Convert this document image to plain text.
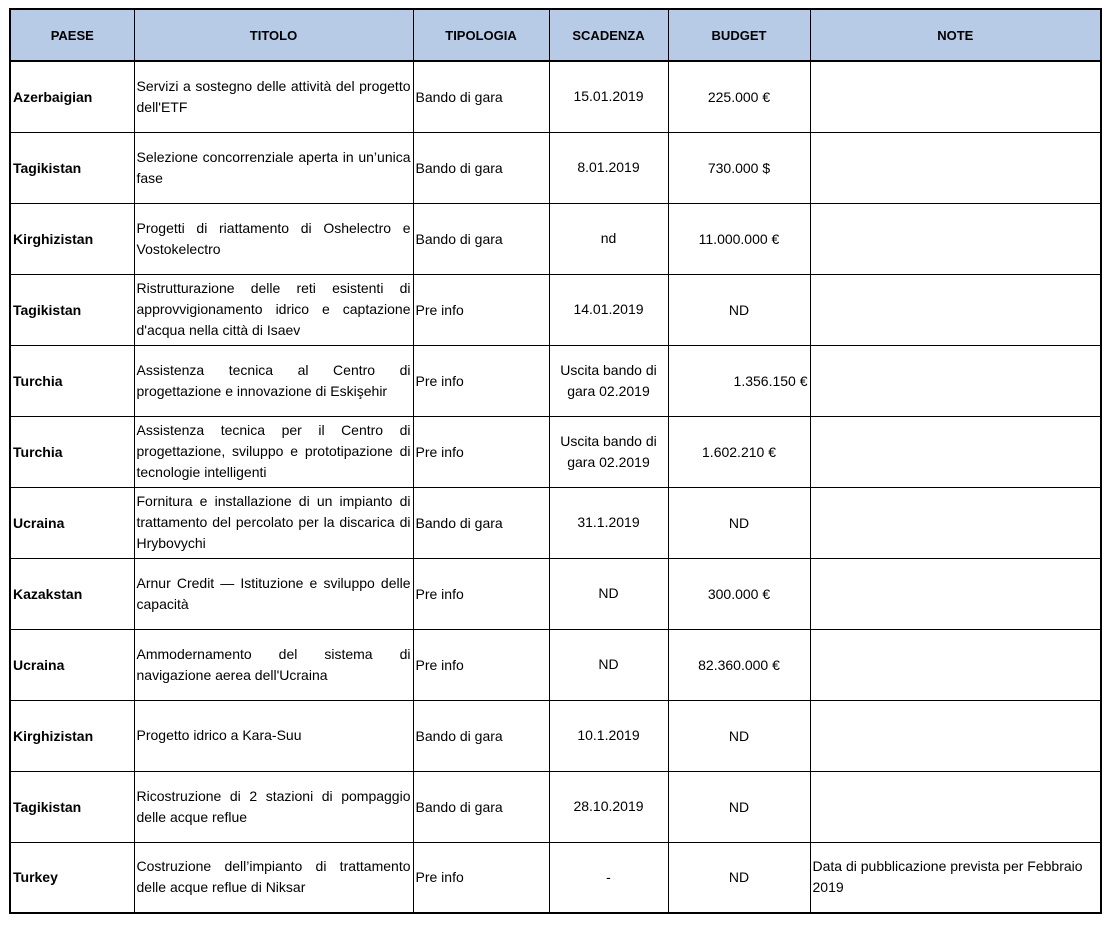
PAESE	TITOLO	TIPOLOGIA	SCADENZA	BUDGET	NOTE
Azerbaigian	Servizi a sostegno delle attività del progetto dell'ETF	Bando di gara	15.01.2019	225.000 €	
Tagikistan	Selezione concorrenziale aperta in un’unica fase	Bando di gara	8.01.2019	730.000 $	
Kirghizistan	Progetti di riattamento di Oshelectro e Vostokelectro	Bando di gara	nd	11.000.000 €	
Tagikistan	Ristrutturazione delle reti esistenti di approvvigionamento idrico e captazione d'acqua nella città di Isaev	Pre info	14.01.2019	ND	
Turchia	Assistenza tecnica al Centro di progettazione e innovazione di Eskişehir	Pre info	Uscita bando di gara 02.2019	1.356.150 €	
Turchia	Assistenza tecnica per il Centro di progettazione, sviluppo e prototipazione di tecnologie intelligenti	Pre info	Uscita bando di gara 02.2019	1.602.210 €	
Ucraina	Fornitura e installazione di un impianto di trattamento del percolato per la discarica di Hrybovychi	Bando di gara	31.1.2019	ND	
Kazakstan	Arnur Credit — Istituzione e sviluppo delle capacità	Pre info	ND	300.000 €	
Ucraina	Ammodernamento del sistema di navigazione aerea dell'Ucraina	Pre info	ND	82.360.000 €	
Kirghizistan	Progetto idrico a Kara-Suu	Bando di gara	10.1.2019	ND	
Tagikistan	Ricostruzione di 2 stazioni di pompaggio delle acque reflue	Bando di gara	28.10.2019	ND	
Turkey	Costruzione dell’impianto di trattamento delle acque reflue di Niksar	Pre info	-	ND	Data di pubblicazione prevista per Febbraio 2019
